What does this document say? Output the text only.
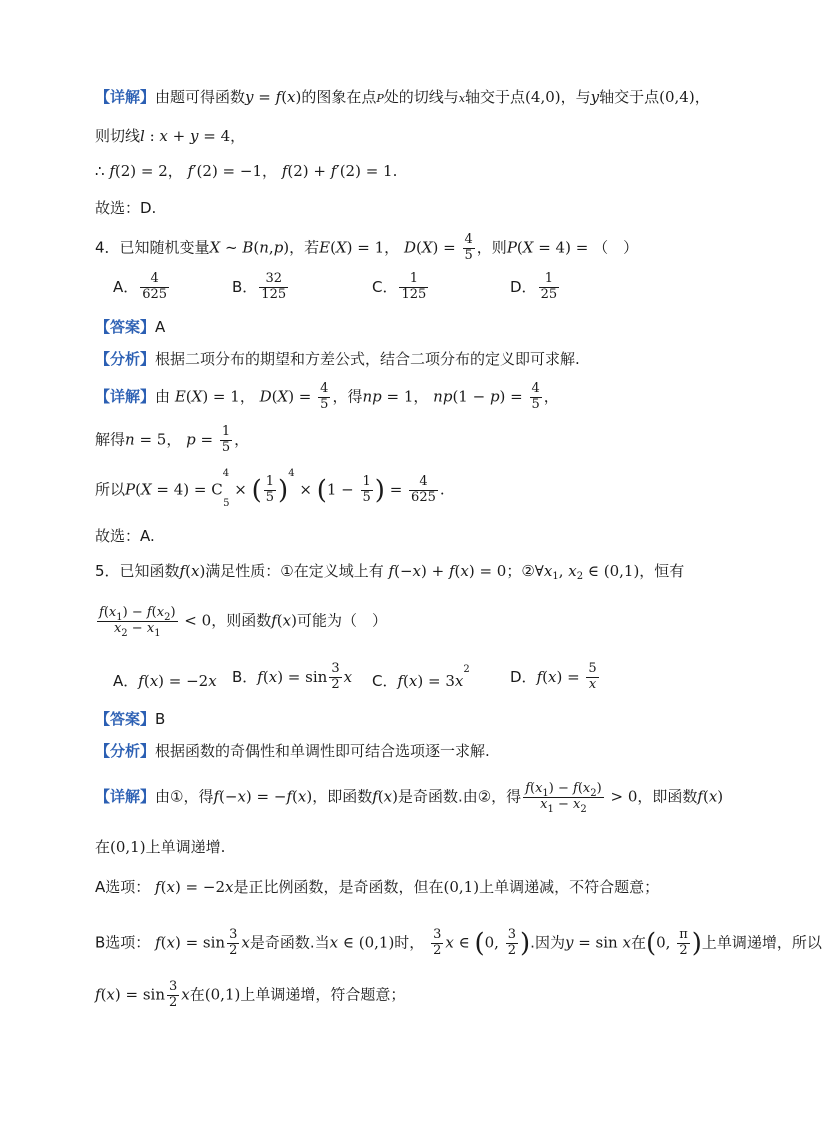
【详解】由题可得函数y = f(x)的图象在点P处的切线与x轴交于点(4,0)，与y轴交于点(0,4)，
则切线l : x + y = 4，
∴ f(2) = 2， f′(2) = −1， f(2) + f′(2) = 1.
故选：D.
4．已知随机变量X ~ B(n,p)，若E(X) = 1， $D(X) = \frac{4}{5}$ ，则P(X = 4) = （　）
A． $\frac{4}{625}$	B． $\frac{32}{125}$	C． $\frac{1}{125}$	D． $\frac{1}{25}$
【答案】A
【分析】根据二项分布的期望和方差公式，结合二项分布的定义即可求解.
【详解】由 E(X) = 1， $D(X) = \frac{4}{5}$ ，得np = 1， $np(1 - p) = \frac{4}{5}$ ，
解得n = 5， $p = \frac{1}{5}$ ，
所以$P(X = 4) = C^4_5$ × ( $\frac{1}{5} )^4 \times (1 - \frac{1}{5}$ ) = $\frac{4}{625}$ .
故选：A.
5．已知函数f(x)满足性质：①在定义域上有 f(−x) + f(x) = 0；$②\forall x_1$, $x_2$ ∈ (0,1)，恒有
$\frac{f(x_1) - f(x_2)}{x_2 - x_1} < 0$，则函数f(x)可能为（　）
A．f(x) = −2x B．$f(x) = \sin \frac{3}{2}$ x C．$f(x) = 3x^2$	D．$f(x) = \frac{5}{x}$
【答案】B
【分析】根据函数的奇偶性和单调性即可结合选项逐一求解.
【详解】由①，得f(−x) = −f(x)，即函数f(x)是奇函数.由②，得 $\frac{f(x_1) - f(x_2)}{x_1 - x_2} > 0$，即函数f(x)
在(0,1)上单调递增.
A选项： f(x) = −2x是正比例函数，是奇函数，但在(0,1)上单调递减，不符合题意；
B选项： $f(x) = \sin \frac{3}{2}$ x是奇函数.当x ∈ (0,1)时， $\frac{3}{2}$ x ∈ (0, $\frac{3}{2}$ ).因为y = sin x在(0, $\frac{\pi}{2}$ )上单调递增，所以
$f(x) = \sin \frac{3}{2}$ x在(0,1)上单调递增，符合题意；
